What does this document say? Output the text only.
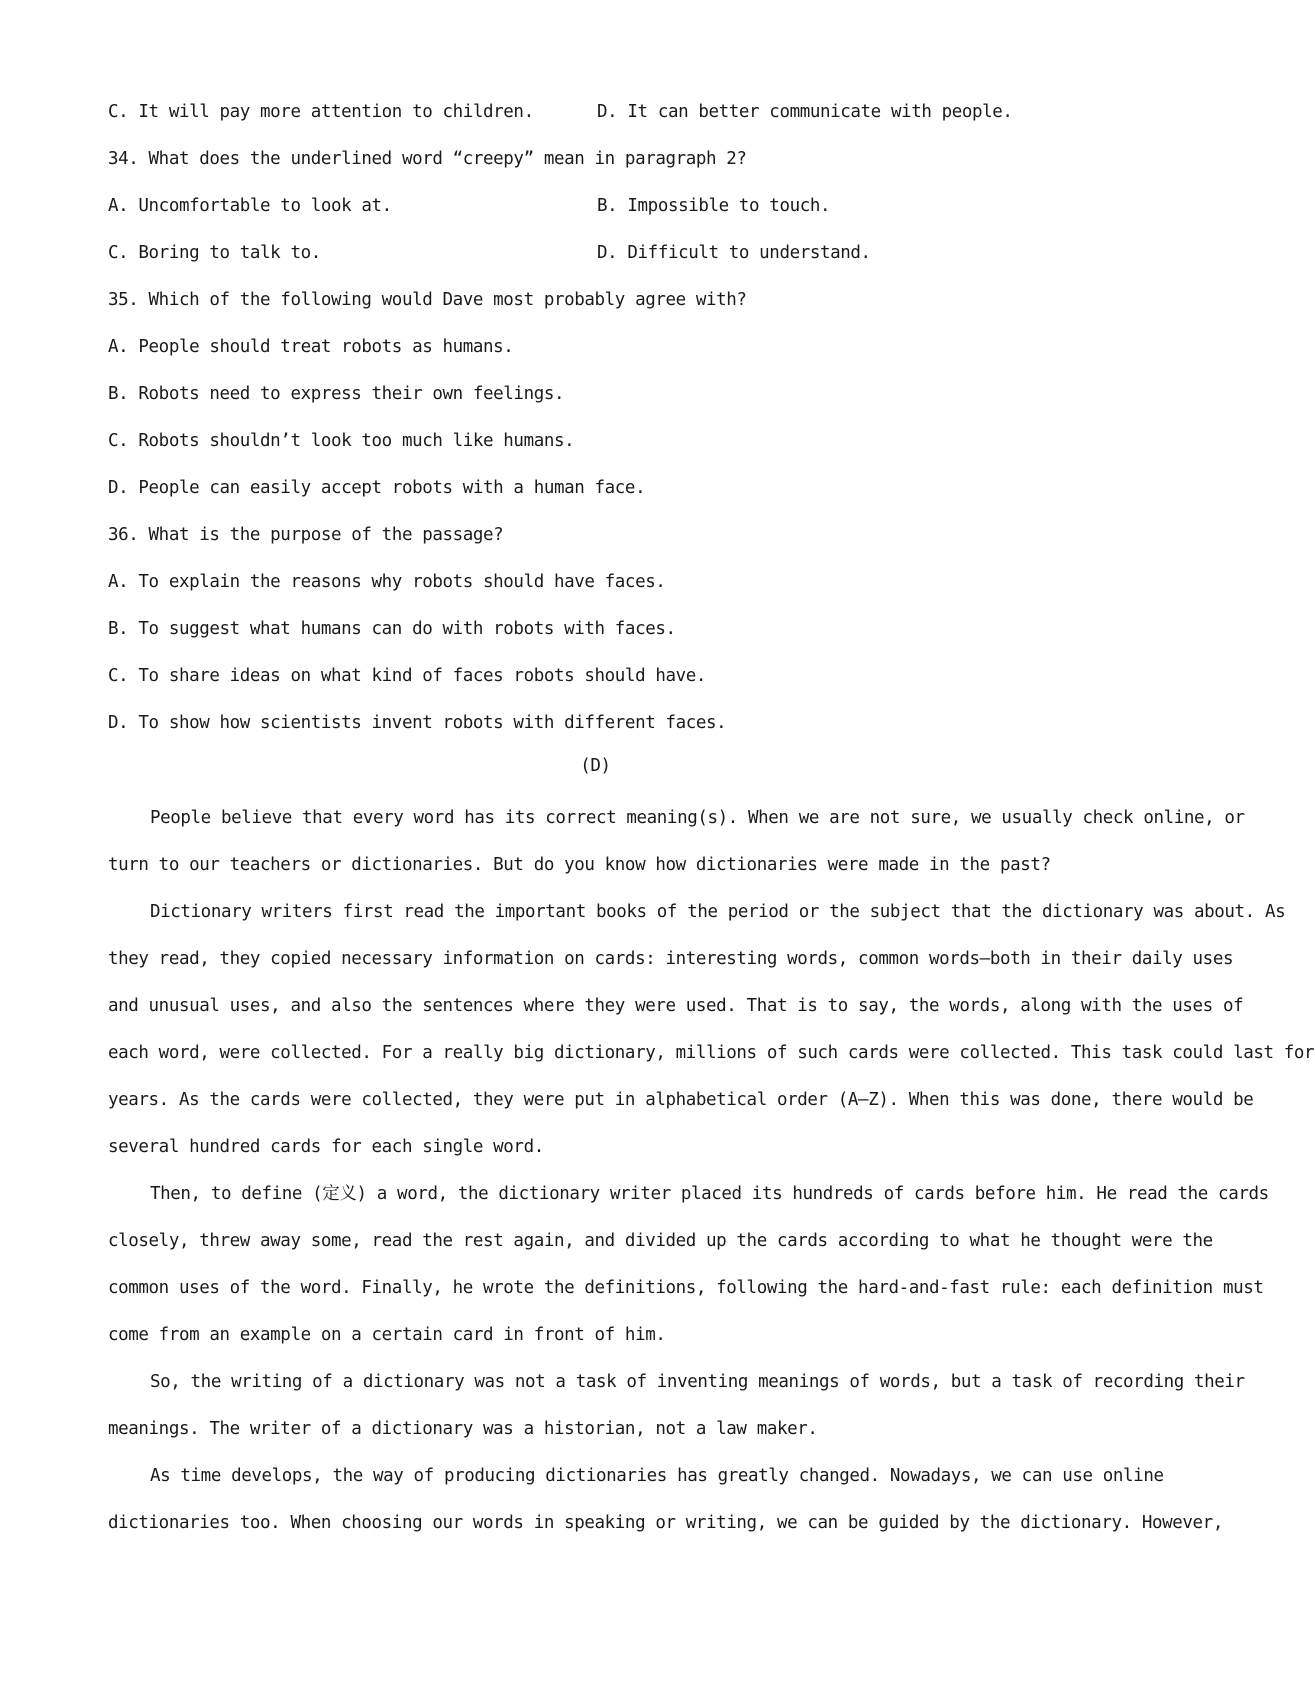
C. It will pay more attention to children.	D. It can better communicate with people.
34. What does the underlined word “creepy” mean in paragraph 2?
A. Uncomfortable to look at.	B. Impossible to touch.
C. Boring to talk to.	D. Difficult to understand.
35. Which of the following would Dave most probably agree with?
A. People should treat robots as humans.
B. Robots need to express their own feelings.
C. Robots shouldn’t look too much like humans.
D. People can easily accept robots with a human face.
36. What is the purpose of the passage?
A. To explain the reasons why robots should have faces.
B. To suggest what humans can do with robots with faces.
C. To share ideas on what kind of faces robots should have.
D. To show how scientists invent robots with different faces.
(D)
People believe that every word has its correct meaning(s). When we are not sure, we usually check online, or
turn to our teachers or dictionaries. But do you know how dictionaries were made in the past?
Dictionary writers first read the important books of the period or the subject that the dictionary was about. As
they read, they copied necessary information on cards: interesting words, common words—both in their daily uses
and unusual uses, and also the sentences where they were used. That is to say, the words, along with the uses of
each word, were collected. For a really big dictionary, millions of such cards were collected. This task could last for
years. As the cards were collected, they were put in alphabetical order (A—Z). When this was done, there would be
several hundred cards for each single word.
Then, to define (定义) a word, the dictionary writer placed its hundreds of cards before him. He read the cards
closely, threw away some, read the rest again, and divided up the cards according to what he thought were the
common uses of the word. Finally, he wrote the definitions, following the hard-and-fast rule: each definition must
come from an example on a certain card in front of him.
So, the writing of a dictionary was not a task of inventing meanings of words, but a task of recording their
meanings. The writer of a dictionary was a historian, not a law maker.
As time develops, the way of producing dictionaries has greatly changed. Nowadays, we can use online
dictionaries too. When choosing our words in speaking or writing, we can be guided by the dictionary. However,
